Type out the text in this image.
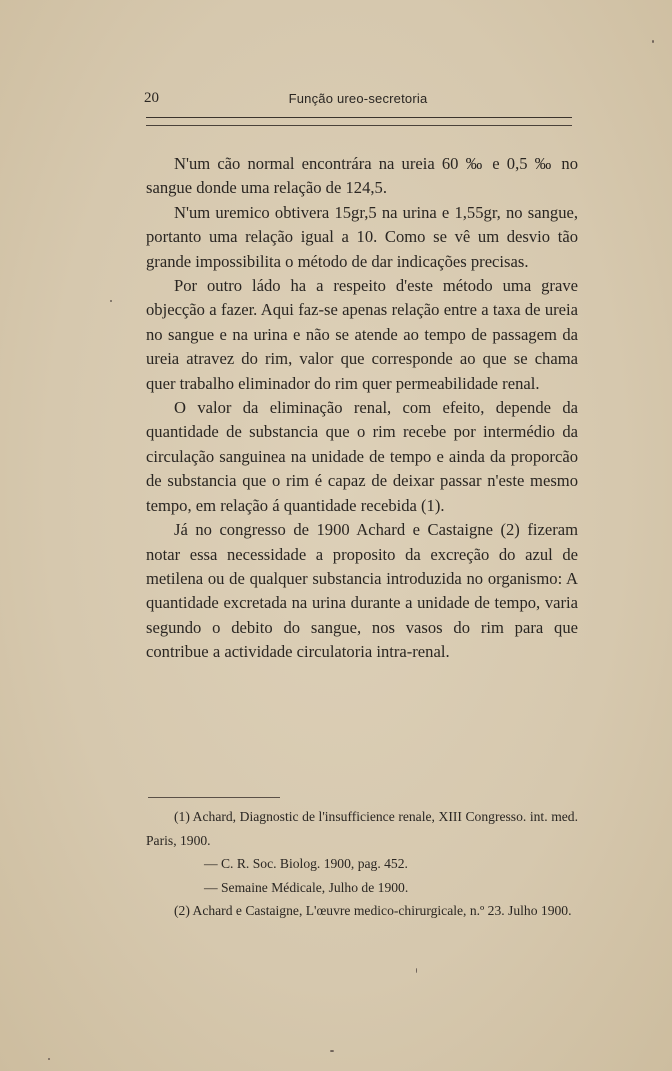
20	Função ureo-secretoria

N'um cão normal encontrára na ureia 60 ‰ e 0,5 ‰ no sangue donde uma relação de 124,5.

N'um uremico obtivera 15gr,5 na urina e 1,55gr, no sangue, portanto uma relação igual a 10. Como se vê um desvio tão grande impossibilita o método de dar indicações precisas.

Por outro ládo ha a respeito d'este método uma grave objecção a fazer. Aqui faz-se apenas relação entre a taxa de ureia no sangue e na urina e não se atende ao tempo de passagem da ureia atravez do rim, valor que corresponde ao que se chama quer trabalho eliminador do rim quer permeabilidade renal.

O valor da eliminação renal, com efeito, depende da quantidade de substancia que o rim recebe por intermédio da circulação sanguinea na unidade de tempo e ainda da proporcão de substancia que o rim é capaz de deixar passar n'este mesmo tempo, em relação á quantidade recebida (1).

Já no congresso de 1900 Achard e Castaigne (2) fizeram notar essa necessidade a proposito da excreção do azul de metilena ou de qualquer substancia introduzida no organismo: A quantidade excretada na urina durante a unidade de tempo, varia segundo o debito do sangue, nos vasos do rim para que contribue a actividade circulatoria intra-renal.

(1) Achard, Diagnostic de l'insufficience renale, XIII Congresso. int. med. Paris, 1900.

— C. R. Soc. Biolog. 1900, pag. 452.

— Semaine Médicale, Julho de 1900.

(2) Achard e Castaigne, L'œuvre medico-chirurgicale, n.º 23. Julho 1900.
